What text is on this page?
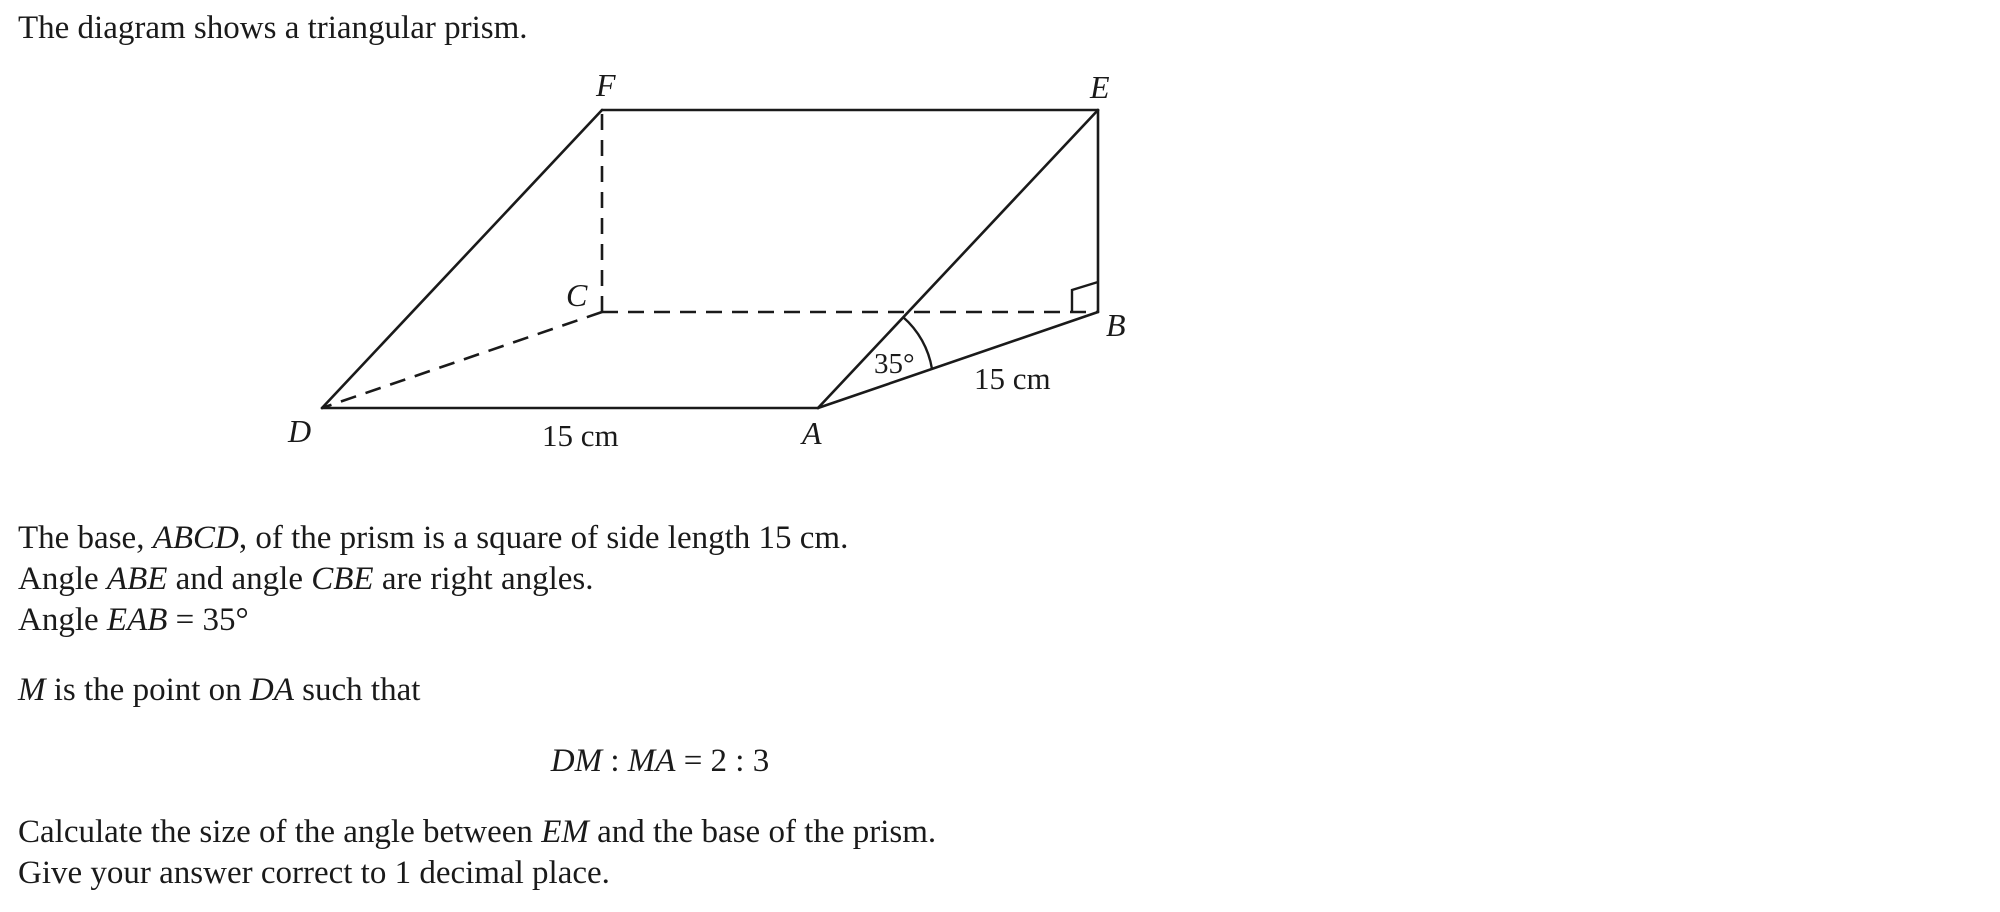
The diagram shows a triangular prism.
F	E
C
B
D	A
15 cm
15 cm
35°
The base, ABCD, of the prism is a square of side length 15 cm.
Angle ABE and angle CBE are right angles.
Angle EAB = 35°
M is the point on DA such that
DM : MA = 2 : 3
Calculate the size of the angle between EM and the base of the prism.
Give your answer correct to 1 decimal place.
